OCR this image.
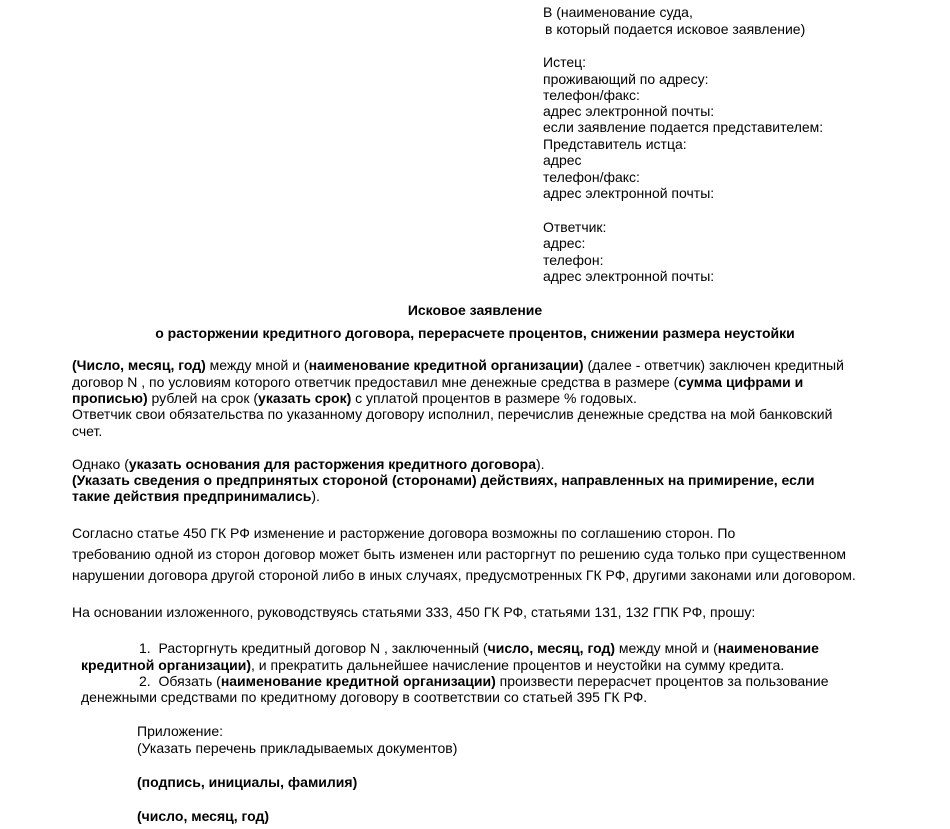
В (наименование суда,
в который подается исковое заявление)
Истец:
проживающий по адресу:
телефон/факс:
адрес электронной почты:
если заявление подается представителем:
Представитель истца:
адрес
телефон/факс:
адрес электронной почты:
Ответчик:
адрес:
телефон:
адрес электронной почты:
Исковое заявление
о расторжении кредитного договора, перерасчете процентов, снижении размера неустойки
(Число, месяц, год) между мной и (наименование кредитной организации) (далее - ответчик) заключен кредитный
договор N , по условиям которого ответчик предоставил мне денежные средства в размере (сумма цифрами и
прописью) рублей на срок (указать срок) с уплатой процентов в размере % годовых.
Ответчик свои обязательства по указанному договору исполнил, перечислив денежные средства на мой банковский
счет.
Однако (указать основания для расторжения кредитного договора).
(Указать сведения о предпринятых стороной (сторонами) действиях, направленных на примирение, если
такие действия предпринимались).
Согласно статье 450 ГК РФ изменение и расторжение договора возможны по соглашению сторон. По
требованию одной из сторон договор может быть изменен или расторгнут по решению суда только при существенном
нарушении договора другой стороной либо в иных случаях, предусмотренных ГК РФ, другими законами или договором.
На основании изложенного, руководствуясь статьями 333, 450 ГК РФ, статьями 131, 132 ГПК РФ, прошу:
1. Расторгнуть кредитный договор N , заключенный (число, месяц, год) между мной и (наименование
кредитной организации), и прекратить дальнейшее начисление процентов и неустойки на сумму кредита.
2. Обязать (наименование кредитной организации) произвести перерасчет процентов за пользование
денежными средствами по кредитному договору в соответствии со статьей 395 ГК РФ.
Приложение:
(Указать перечень прикладываемых документов)
(подпись, инициалы, фамилия)
(число, месяц, год)
